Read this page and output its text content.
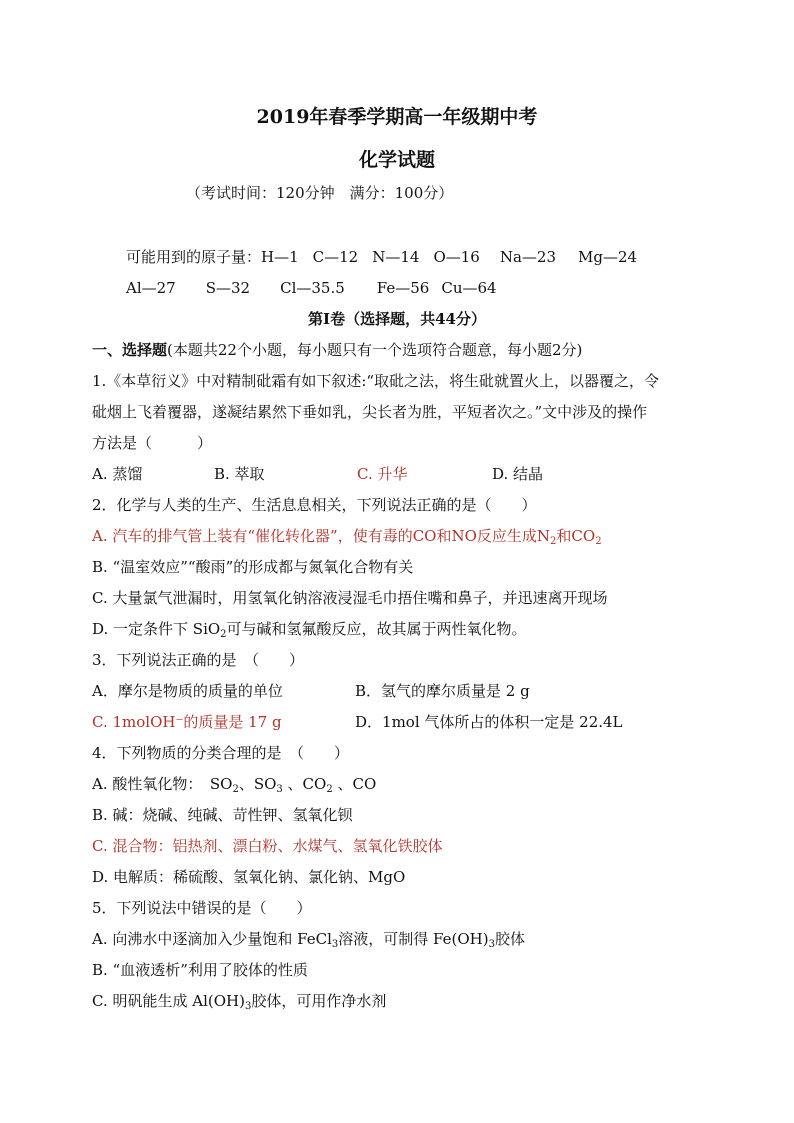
2019年春季学期高一年级期中考
化学试题
（考试时间：120分钟　满分：100分）
可能用到的原子量：H—1 C—12 N—14 O—16 Na—23 Mg—24
Al—27 S—32 Cl—35.5 Fe—56 Cu—64
第Ⅰ卷（选择题，共44分）
一、选择题(本题共22个小题，每小题只有一个选项符合题意，每小题2分)
1.《本草衍义》中对精制砒霜有如下叙述:“取砒之法，将生砒就置火上，以器覆之，令
砒烟上飞着覆器，遂凝结累然下垂如乳，尖长者为胜，平短者次之。”文中涉及的操作
方法是（　　　）
A. 蒸馏	B. 萃取	C. 升华	D. 结晶
2．化学与人类的生产、生活息息相关，下列说法正确的是（　　）
A. 汽车的排气管上装有“催化转化器”，使有毒的CO和NO反应生成$N_2$和$CO_2$
B. “温室效应”“酸雨”的形成都与氮氧化合物有关
C. 大量氯气泄漏时，用氢氧化钠溶液浸湿毛巾捂住嘴和鼻子，并迅速离开现场
D. 一定条件下 SiO$_2$可与碱和氢氟酸反应，故其属于两性氧化物。
3．下列说法正确的是　（　　）
A．摩尔是物质的质量的单位	B．氢气的摩尔质量是 2 g
C. 1molOH⁻的质量是 17 g	D．1mol 气体所占的体积一定是 22.4L
4．下列物质的分类合理的是　（　　）
A. 酸性氧化物：　$SO_2$、$SO_3$ 、$CO_2$ 、CO
B. 碱：烧碱、纯碱、苛性钾、氢氧化钡
C. 混合物：铝热剂、漂白粉、水煤气、氢氧化铁胶体
D. 电解质：稀硫酸、氢氧化钠、氯化钠、MgO
5．下列说法中错误的是（　　）
A. 向沸水中逐滴加入少量饱和 FeCl$_3$溶液，可制得 $Fe(OH)_3$胶体
B. “血液透析”利用了胶体的性质
C. 明矾能生成 $Al(OH)_3$胶体，可用作净水剂
